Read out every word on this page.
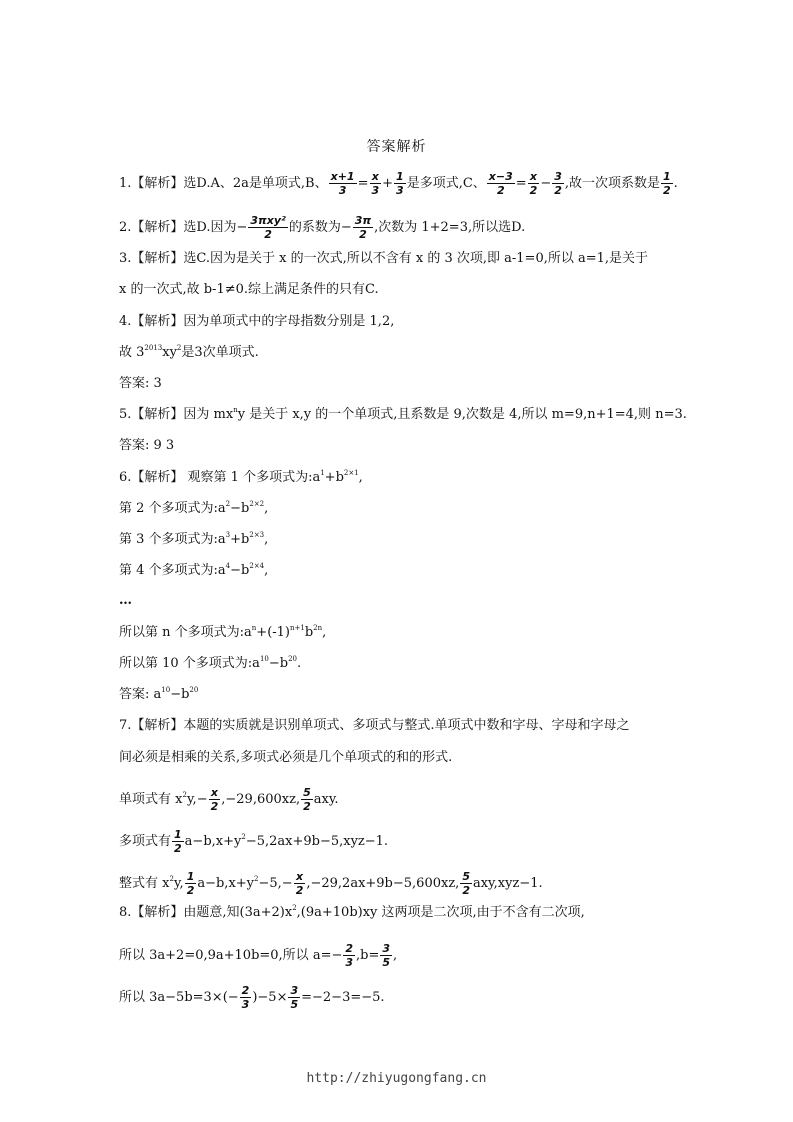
答案解析
1.【解析】选D.A、2a是单项式,B、 $\frac{x+1}{3} = \frac{x}{3} + \frac{1}{3}$ 是多项式,C、 $\frac{x-3}{2} = \frac{x}{2} - \frac{3}{2}$ ,故一次项系数是 $\frac{1}{2}$ .
2.【解析】选D.因为− $\frac{\text{3πxy²}}{2}$ 的系数为− $\frac{3\pi}{2}$ ,次数为 1+2=3,所以选D.
3.【解析】选C.因为是关于 x 的一次式,所以不含有 x 的 3 次项,即 a-1=0,所以 a=1,是关于
x 的一次式,故 b-1≠0.综上满足条件的只有C.
4.【解析】因为单项式中的字母指数分别是 1,2,
故 $3^{2013}xy^2$是3次单项式.
答案: 3
5.【解析】因为 $mx^ny$ 是关于 x,y 的一个单项式,且系数是 9,次数是 4,所以 m=9,n+1=4,则 n=3.
答案: 9 3
6.【解析】 观察第 1 个多项式为$:a^1+b^{2\times 1}$,
第 2 个多项式为$:a^2-b^{2\times 2}$,
第 3 个多项式为$:a^3+b^{2\times 3}$,
第 4 个多项式为$:a^4-b^{2\times 4}$,
…
所以第 n 个多项式为$:a^n+(-1)^{n+1}b^{2n}$,
所以第 10 个多项式为$:a^{10}-b^{20}$.
答案: $a^{10}-b^{20}$
7.【解析】本题的实质就是识别单项式、多项式与整式.单项式中数和字母、字母和字母之
间必须是相乘的关系,多项式必须是几个单项式的和的形式.
单项式有 $x^2y,- \frac{x}{2} ,-29,600xz$, $\frac{5}{2}$ axy.
多项式有 $\frac{1}{2} a-b,x+y^2-5,2ax+9b-5,xyz-1$.
整式有 $x^2y$, $\frac{1}{2} a-b,x+y^2-5,- \frac{x}{2} ,-29,2ax+9b-5,600xz$, $\frac{5}{2} axy,xyz-1$.
8.【解析】由题意,知$(3a+2)x^2,(9a+10b)xy$ 这两项是二次项,由于不含有二次项,
所以 3a+2=0,9a+10b=0,所以 $a=- \frac{2}{3} ,b= \frac{3}{5}$ ,
所以 $3a-5b=3\times(- \frac{2}{3} )-5\times \frac{3}{5} =-2-3=-5$.
http://zhiyugongfang.cn
